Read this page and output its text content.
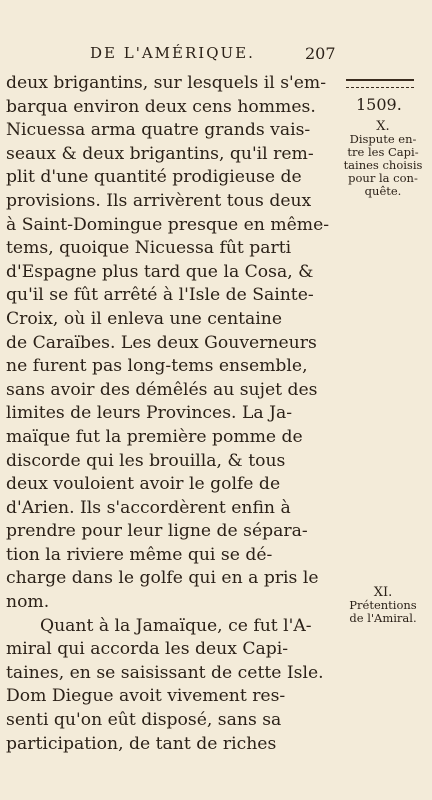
DE L'AMÉRIQUE.	207
1509.
deux brigantins, sur lesquels il s'em-
barqua environ deux cens hommes.
Nicuessa arma quatre grands vais-
seaux & deux brigantins, qu'il rem-
plit d'une quantité prodigieuse de
provisions. Ils arrivèrent tous deux
à Saint-Domingue presque en même-
tems, quoique Nicuessa fût parti
d'Espagne plus tard que la Cosa, &
qu'il se fût arrêté à l'Isle de Sainte-
Croix, où il enleva une centaine
de Caraïbes. Les deux Gouverneurs
ne furent pas long-tems ensemble,
sans avoir des démêlés au sujet des
limites de leurs Provinces. La Ja-
maïque fut la première pomme de
discorde qui les brouilla, & tous
deux vouloient avoir le golfe de
d'Arien. Ils s'accordèrent enfin à
prendre pour leur ligne de sépara-
tion la riviere même qui se dé-
charge dans le golfe qui en a pris le
nom.
Quant à la Jamaïque, ce fut l'A-
miral qui accorda les deux Capi-
taines, en se saisissant de cette Isle.
Dom Diegue avoit vivement res-
senti qu'on eût disposé, sans sa
participation, de tant de riches
X.
Dispute en-
tre les Capi-
taines choisis
pour la con-
quête.
XI.
Prétentions
de l'Amiral.
